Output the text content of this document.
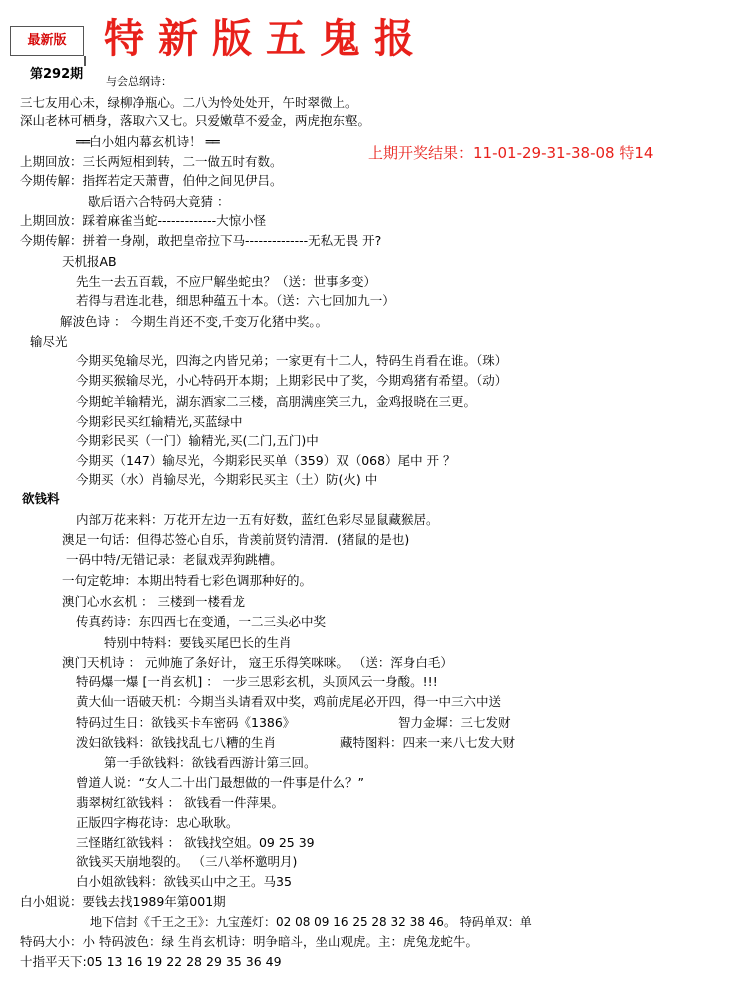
最新版 特新版五鬼报
第292期
上期开奖结果：11-01-29-31-38-08 特14
与会总纲诗：
三七友用心未，绿柳净瓶心。二八为怜处处开，午时翠微上。
深山老林可栖身，落取六又七。只爱嫩草不爱金，两虎抱东壑。
══白小姐内幕玄机诗！ ══
上期回放：三长两短相到转，二一做五时有数。
今期传解：指挥若定天萧曹，伯仲之间见伊吕。
歇后语六合特码大竟猜 ：
上期回放：踩着麻雀当蛇-------------大惊小怪
今期传解：拼着一身剐，敢把皇帝拉下马--------------无私无畏 开?
天机报AB
先生一去五百载，不应尸解坐蛇虫？（送：世事多变）
若得与君连北巷，细思种蕴五十本。（送：六七回加九一）
解波色诗 ： 今期生肖还不变,千变万化猪中奖。。
输尽光
今期买兔输尽光，四海之内皆兄弟；一家更有十二人，特码生肖看在谁。（珠）
今期买猴输尽光，小心特码开本期；上期彩民中了奖，今期鸡猪有希望。（动）
今期蛇羊输精光，湖东酒家二三楼，高朋满座笑三九，金鸡报晓在三更。
今期彩民买红输精光,买蓝绿中
今期彩民买（一门）输精光,买(二门,五门)中
今期买（147）输尽光，今期彩民买单（359）双（068）尾中 开 ？
今期买（水）肖输尽光，今期彩民买主（土）防(火) 中
欲钱料
内部万花来料：万花开左边一五有好数，蓝红色彩尽显鼠藏猴居。
澳足一句话：但得芯签心自乐，肯羡前贤钓清渭．(猪鼠的是也)
一码中特/无错记录：老鼠戏弄狗跳槽。
一句定乾坤：本期出特看七彩色调那种好的。
澳门心水玄机 ： 三楼到一楼看龙
传真药诗：东四西七在变通，一二三头必中奖
特别中特料：要钱买尾巴长的生肖
澳门天机诗 ： 元帅施了条好计， 寇王乐得笑咪咪。 （送：浑身白毛）
特码爆一爆 [一肖玄机] ： 一步三思彩玄机，头顶风云一身酸。!!!
黄大仙一语破天机：今期当头请看双中奖，鸡前虎尾必开四，得一中三六中送
特码过生日：欲钱买卡车密码《1386》	智力金墀：三七发财
泼妇欲钱料：欲钱找乱七八糟的生肖	藏特图料：四来一来八七发大财
第一手欲钱料：欲钱看西游计第三回。
曾道人说：“女人二十出门最想做的一件事是什么？”
翡翠树红欲钱料 ： 欲钱看一件萍果。
正版四字梅花诗：忠心耿耿。
三怪賭红欲钱料 ： 欲钱找空姐。09 25 39
欲钱买天崩地裂的。 （三八举杯邀明月)
白小姐欲钱料：欲钱买山中之王。马35
白小姐说：要钱去找1989年第001期
地下信封《千王之王》：九宝莲灯：02 08 09 16 25 28 32 38 46。 特码单双：单
特码大小：小 特码波色：绿 生肖玄机诗：明争暗斗，坐山观虎。主：虎兔龙蛇牛。
十指平天下:05 13 16 19 22 28 29 35 36 49
